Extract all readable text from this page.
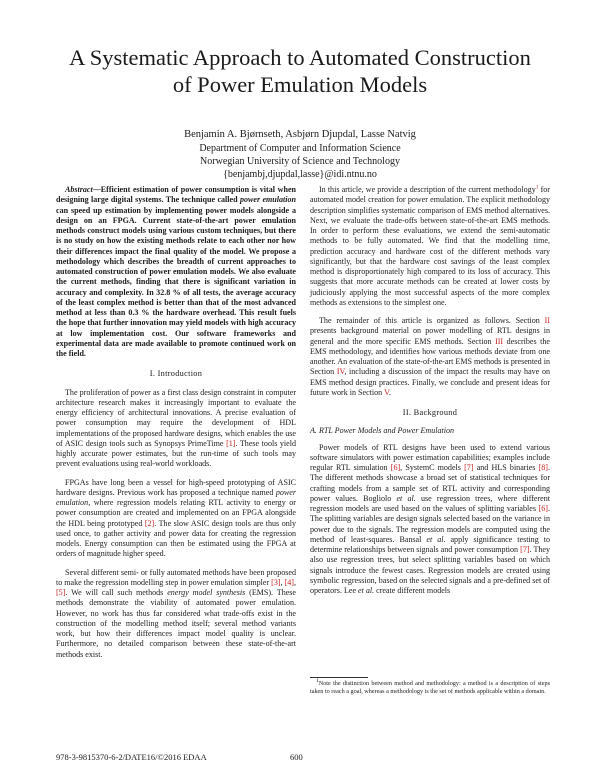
A Systematic Approach to Automated Construction
of Power Emulation Models
Benjamin A. Bjørnseth, Asbjørn Djupdal, Lasse Natvig
Department of Computer and Information Science
Norwegian University of Science and Technology
{benjambj,djupdal,lasse}@idi.ntnu.no

Abstract—Efficient estimation of power consumption is vital when designing large digital systems. The technique called power emulation can speed up estimation by implementing power models alongside a design on an FPGA. Current state-of-the-art power emulation methods construct models using various custom techniques, but there is no study on how the existing methods relate to each other nor how their differences impact the final quality of the model. We propose a methodology which describes the breadth of current approaches to automated construction of power emulation models. We also evaluate the current methods, finding that there is significant variation in accuracy and complexity. In 32.8 % of all tests, the average accuracy of the least complex method is better than that of the most advanced method at less than 0.3 % the hardware overhead. This result fuels the hope that further innovation may yield models with high accuracy at low implementation cost. Our software frameworks and experimental data are made available to promote continued work on the field.

I. Introduction

The proliferation of power as a first class design constraint in computer architecture research makes it increasingly important to evaluate the energy efficiency of architectural innovations. A precise evaluation of power consumption may require the development of HDL implementations of the proposed hardware designs, which enables the use of ASIC design tools such as Synopsys PrimeTime [1]. These tools yield highly accurate power estimates, but the run-time of such tools may prevent evaluations using real-world workloads.

FPGAs have long been a vessel for high-speed prototyping of ASIC hardware designs. Previous work has proposed a technique named power emulation, where regression models relating RTL activity to energy or power consumption are created and implemented on an FPGA alongside the HDL being prototyped [2]. The slow ASIC design tools are thus only used once, to gather activity and power data for creating the regression models. Energy consumption can then be estimated using the FPGA at orders of magnitude higher speed.

Several different semi- or fully automated methods have been proposed to make the regression modelling step in power emulation simpler [3], [4], [5]. We will call such methods energy model synthesis (EMS). These methods demonstrate the viability of automated power emulation. However, no work has thus far considered what trade-offs exist in the construction of the modelling method itself; several method variants work, but how their differences impact model quality is unclear. Furthermore, no detailed comparison between these state-of-the-art methods exist.

In this article, we provide a description of the current methodology$^1$ for automated model creation for power emulation. The explicit methodology description simplifies systematic comparison of EMS method alternatives. Next, we evaluate the trade-offs between state-of-the-art EMS methods. In order to perform these evaluations, we extend the semi-automatic methods to be fully automated. We find that the modelling time, prediction accuracy and hardware cost of the different methods vary significantly, but that the hardware cost savings of the least complex method is disproportionately high compared to its loss of accuracy. This suggests that more accurate methods can be created at lower costs by judiciously applying the most successful aspects of the more complex methods as extensions to the simplest one.

The remainder of this article is organized as follows. Section II presents background material on power modelling of RTL designs in general and the more specific EMS methods. Section III describes the EMS methodology, and identifies how various methods deviate from one another. An evaluation of the state-of-the-art EMS methods is presented in Section IV, including a discussion of the impact the results may have on EMS method design practices. Finally, we conclude and present ideas for future work in Section V.

II. Background
A. RTL Power Models and Power Emulation

Power models of RTL designs have been used to extend various software simulators with power estimation capabilities; examples include regular RTL simulation [6], SystemC models [7] and HLS binaries [8]. The different methods showcase a broad set of statistical techniques for crafting models from a sample set of RTL activity and corresponding power values. Bogliolo et al. use regression trees, where different regression models are used based on the values of splitting variables [6]. The splitting variables are design signals selected based on the variance in power due to the signals. The regression models are computed using the method of least-squares. Bansal et al. apply significance testing to determine relationships between signals and power consumption [7]. They also use regression trees, but select splitting variables based on which signals introduce the fewest cases. Regression models are created using symbolic regression, based on the selected signals and a pre-defined set of operators. Lee et al. create different models

$^1$Note the distinction between method and methodology: a method is a description of steps taken to reach a goal, whereas a methodology is the set of methods applicable within a domain.
978-3-9815370-6-2/DATE16/©2016 EDAA	600
